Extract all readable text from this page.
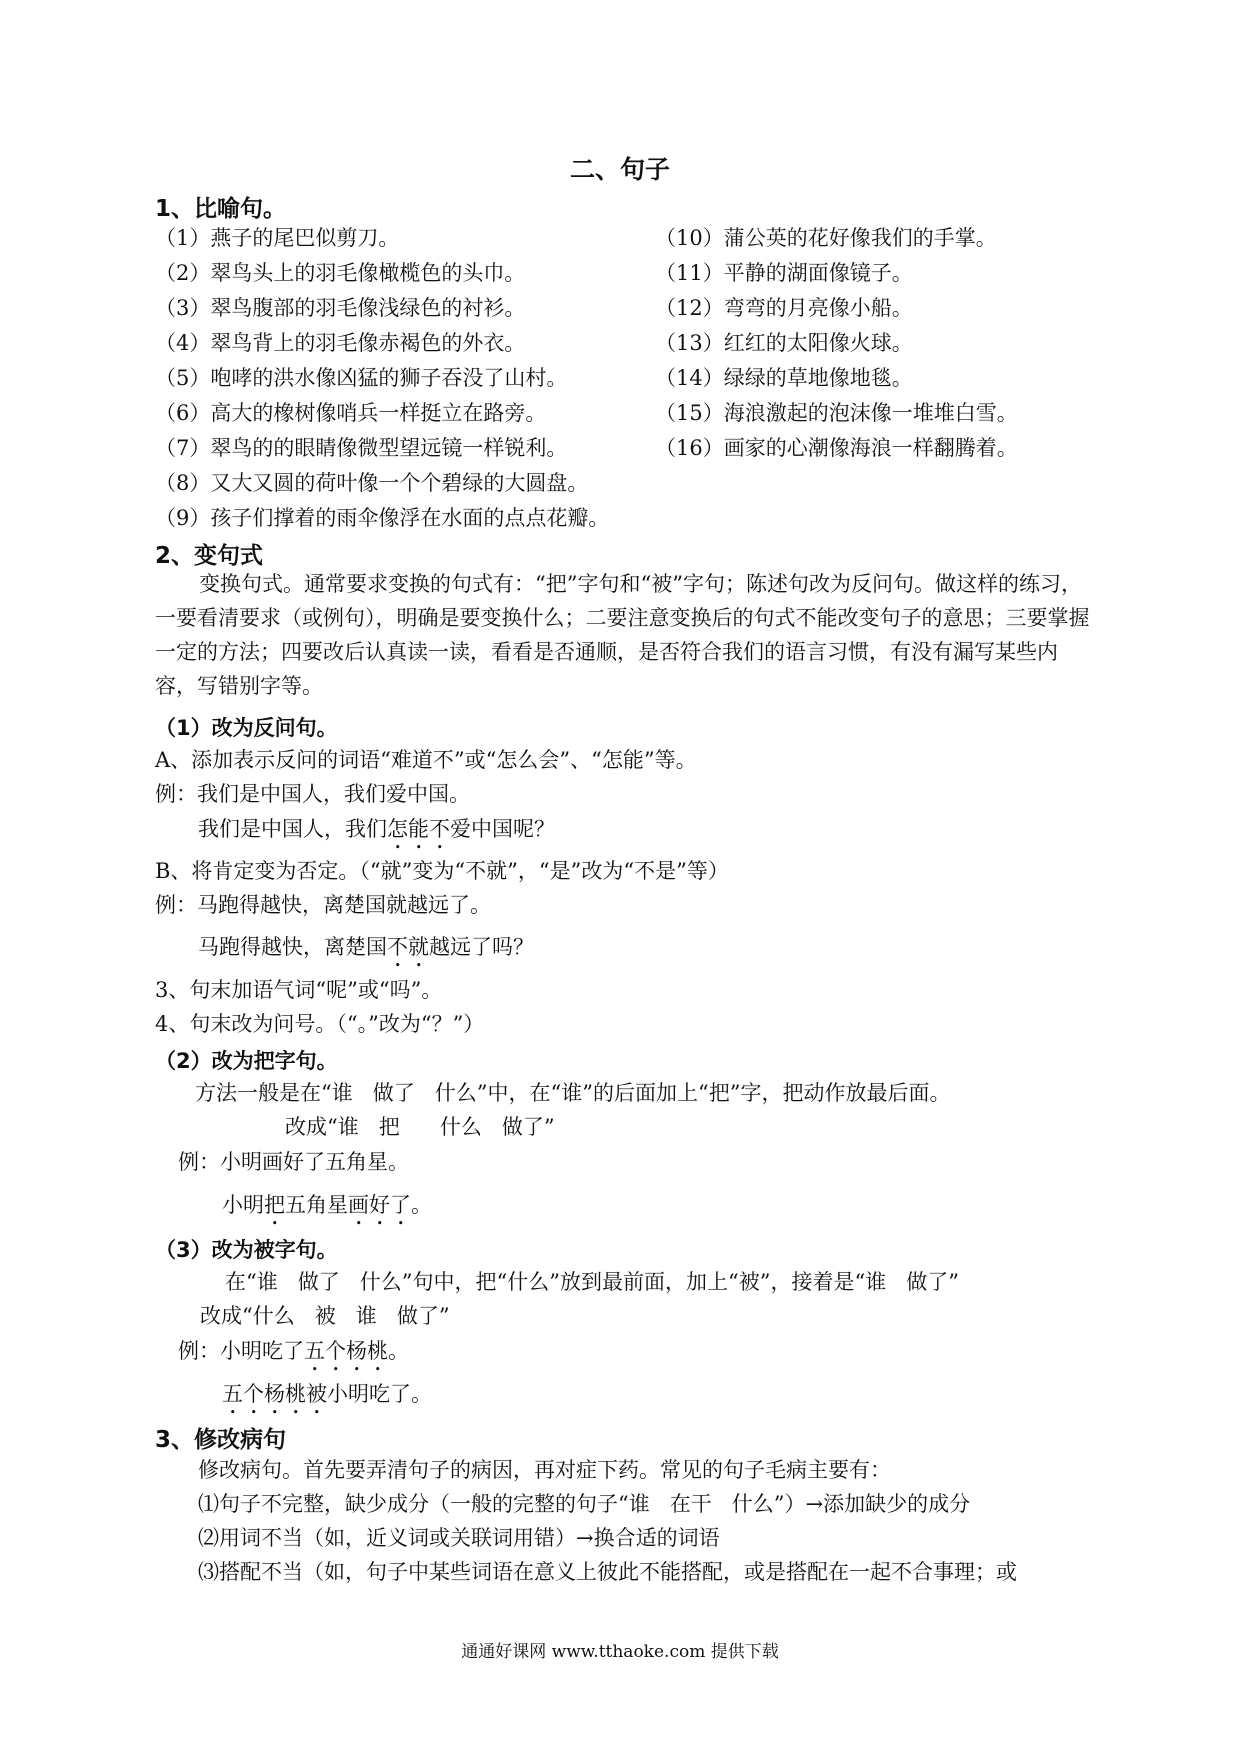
二、句子
1、比喻句。
（1）燕子的尾巴似剪刀。
（2）翠鸟头上的羽毛像橄榄色的头巾。
（3）翠鸟腹部的羽毛像浅绿色的衬衫。
（4）翠鸟背上的羽毛像赤褐色的外衣。
（5）咆哮的洪水像凶猛的狮子吞没了山村。
（6）高大的橡树像哨兵一样挺立在路旁。
（7）翠鸟的的眼睛像微型望远镜一样锐利。
（8）又大又圆的荷叶像一个个碧绿的大圆盘。
（9）孩子们撑着的雨伞像浮在水面的点点花瓣。
（10）蒲公英的花好像我们的手掌。
（11）平静的湖面像镜子。
（12）弯弯的月亮像小船。
（13）红红的太阳像火球。
（14）绿绿的草地像地毯。
（15）海浪激起的泡沫像一堆堆白雪。
（16）画家的心潮像海浪一样翻腾着。
2、变句式
变换句式。通常要求变换的句式有：“把”字句和“被”字句；陈述句改为反问句。做这样的练习，一要看清要求（或例句），明确是要变换什么；二要注意变换后的句式不能改变句子的意思；三要掌握一定的方法；四要改后认真读一读，看看是否通顺，是否符合我们的语言习惯，有没有漏写某些内容，写错别字等。
（1）改为反问句。
A、添加表示反问的词语“难道不”或“怎么会”、“怎能”等。
例：我们是中国人，我们爱中国。
我们是中国人，我们怎能不爱中国呢？
B、将肯定变为否定。（“就”变为“不就”，“是”改为“不是”等）
例：马跑得越快，离楚国就越远了。
马跑得越快，离楚国不就越远了吗？
3、句末加语气词“呢”或“吗”。
4、句末改为问号。（“。”改为“？”）
（2）改为把字句。
方法一般是在“谁   做了   什么”中，在“谁”的后面加上“把”字，把动作放最后面。
改成“谁   把      什么   做了”
例：小明画好了五角星。
小明把五角星画好了。
（3）改为被字句。
在“谁   做了   什么”句中，把“什么”放到最前面，加上“被”，接着是“谁   做了”
改成“什么   被   谁   做了”
例：小明吃了五个杨桃。
五个杨桃被小明吃了。
3、修改病句
修改病句。首先要弄清句子的病因，再对症下药。常见的句子毛病主要有：
⑴句子不完整，缺少成分（一般的完整的句子“谁   在干   什么”）→添加缺少的成分
⑵用词不当（如，近义词或关联词用错）→换合适的词语
⑶搭配不当（如，句子中某些词语在意义上彼此不能搭配，或是搭配在一起不合事理；或
通通好课网 www.tthaoke.com 提供下载
